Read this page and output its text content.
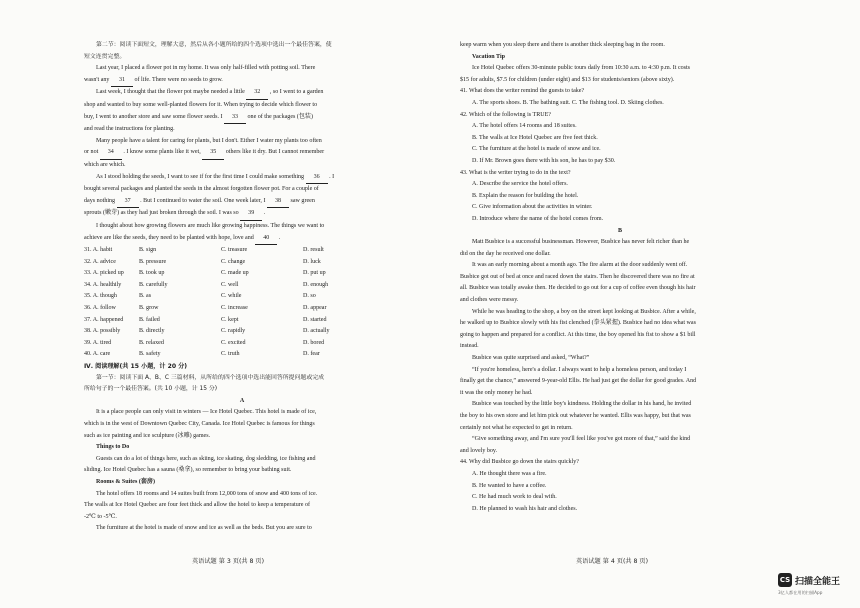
第二节：阅读下面短文，理解大意，然后从各小题所给的四个选项中选出一个最佳答案，使
短文连贯完整。
Last year, I placed a flower pot in my home. It was only half-filled with potting soil. There
wasn't any 31 of life. There were no seeds to grow.
Last week, I thought that the flower pot maybe needed a little 32 , so I went to a garden
shop and wanted to buy some well-planted flowers for it. When trying to decide which flower to
buy, I went to another store and saw some flower seeds. I 33 one of the packages (包装)
and read the instructions for planting.
Many people have a talent for caring for plants, but I don't. Either I water my plants too often
or not 34 . I know some plants like it wet, 35 others like it dry. But I cannot remember
which are which.
As I stood holding the seeds, I want to see if for the first time I could make something 36 . I
bought several packages and planted the seeds in the almost forgotten flower pot. For a couple of
days nothing 37 . But I continued to water the soil. One week later, I 38 saw green
sprouts (嫩芽) as they had just broken through the soil. I was so 39 .
I thought about how growing flowers are much like growing happiness. The things we want to
achieve are like the seeds, they need to be planted with hope, love and 40 .
31. A. habit	B. sign	C. treasure	D. result
32. A. advice	B. pressure	C. change	D. luck
33. A. picked up	B. took up	C. made up	D. put up
34. A. healthily	B. carefully	C. well	D. enough
35. A. though	B. as	C. while	D. so
36. A. follow	B. grow	C. increase	D. appear
37. A. happened	B. failed	C. kept	D. started
38. A. possibly	B. directly	C. rapidly	D. actually
39. A. tired	B. relaxed	C. excited	D. bored
40. A. care	B. safety	C. truth	D. fear
Ⅳ. 阅读理解(共 15 小题，计 20 分)
第一节：阅读下面 A、B、C 三篇材料，从所给的四个选项中选出能回答所提问题或完成
所给句子的一个最佳答案。(共 10 小题，计 15 分)
A
It is a place people can only visit in winters — Ice Hotel Quebec. This hotel is made of ice,
which is in the west of Downtown Quebec City, Canada. Ice Hotel Quebec is famous for things
such as ice painting and ice sculpture (冰雕) games.
Things to Do
Guests can do a lot of things here, such as skiing, ice skating, dog sledding, ice fishing and
sliding. Ice Hotel Quebec has a sauna (桑拿), so remember to bring your bathing suit.
Rooms & Suites (套房)
The hotel offers 18 rooms and 14 suites built from 12,000 tons of snow and 400 tons of ice.
The walls at Ice Hotel Quebec are four feet thick and allow the hotel to keep a temperature of
-2℃ to -5℃.
The furniture at the hotel is made of snow and ice as well as the beds. But you are sure to
keep warm when you sleep there and there is another thick sleeping bag in the room.
Vacation Tip
Ice Hotel Quebec offers 30-minute public tours daily from 10:30 a.m. to 4:30 p.m. It costs
$15 for adults, $7.5 for children (under eight) and $13 for students/seniors (above sixty).
41. What does the writer remind the guests to take?
A. The sports shoes. B. The bathing suit. C. The fishing tool. D. Skiing clothes.
42. Which of the following is TRUE?
A. The hotel offers 14 rooms and 18 suites.
B. The walls at Ice Hotel Quebec are five feet thick.
C. The furniture at the hotel is made of snow and ice.
D. If Mr. Brown goes there with his son, he has to pay $30.
43. What is the writer trying to do in the text?
A. Describe the service the hotel offers.
B. Explain the reason for building the hotel.
C. Give information about the activities in winter.
D. Introduce where the name of the hotel comes from.
B
Matt Busbice is a successful businessman. However, Busbice has never felt richer than he
did on the day he received one dollar.
It was an early morning about a month ago. The fire alarm at the door suddenly went off.
Busbice got out of bed at once and raced down the stairs. Then he discovered there was no fire at
all. Busbice was totally awake then. He decided to go out for a cup of coffee even though his hair
and clothes were messy.
While he was heading to the shop, a boy on the street kept looking at Busbice. After a while,
he walked up to Busbice slowly with his fist clenched (拳头紧握). Busbice had no idea what was
going to happen and prepared for a conflict. At this time, the boy opened his fist to show a $1 bill
instead.
Busbice was quite surprised and asked, “What?”
“If you're homeless, here's a dollar. I always want to help a homeless person, and today I
finally get the chance,” answered 9-year-old Ellis. He had just get the dollar for good grades. And
it was the only money he had.
Busbice was touched by the little boy's kindness. Holding the dollar in his hand, he invited
the boy to his own store and let him pick out whatever he wanted. Ellis was happy, but that was
certainly not what he expected to get in return.
“Give something away, and I'm sure you'll feel like you've got more of that,” said the kind
and lovely boy.
44. Why did Busbice go down the stairs quickly?
A. He thought there was a fire.
B. He wanted to have a coffee.
C. He had much work to deal with.
D. He planned to wash his hair and clothes.
英语试题 第 3 页(共 8 页)	英语试题 第 4 页(共 8 页)
CS 扫描全能王
3亿人都在用的扫描App
